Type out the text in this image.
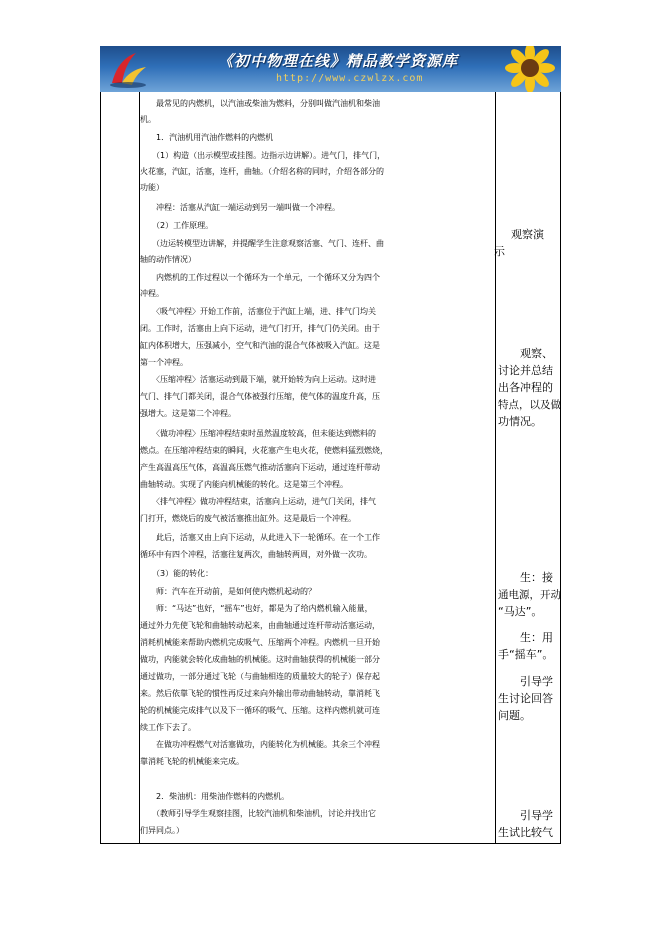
《初中物理在线》精品教学资源库
http://www.czwlzx.com
　　最常见的内燃机，以汽油或柴油为燃料，分别叫做汽油机和柴油
机。
　　1．汽油机用汽油作燃料的内燃机
　　（1）构造（出示模型或挂图。边指示边讲解）。进气门，排气门，
火花塞，汽缸，活塞，连杆，曲轴。（介绍名称的同时，介绍各部分的
功能）
　　冲程：活塞从汽缸一端运动到另一端叫做一个冲程。
　　（2）工作原理。
　　（边运转模型边讲解，并提醒学生注意观察活塞、气门、连杆、曲
轴的动作情况）
　　内燃机的工作过程以一个循环为一个单元，一个循环又分为四个
冲程。
　　〈吸气冲程〉开始工作前，活塞位于汽缸上端，进、排气门均关
闭。工作时，活塞由上向下运动，进气门打开，排气门仍关闭。由于
缸内体积增大，压强减小，空气和汽油的混合气体被吸入汽缸。这是
第一个冲程。
　　〈压缩冲程〉活塞运动到最下端，就开始转为向上运动。这时进
气门、排气门都关闭，混合气体被强行压缩，使气体的温度升高，压
强增大。这是第二个冲程。
　　〈做功冲程〉压缩冲程结束时虽然温度较高，但未能达到燃料的
燃点。在压缩冲程结束的瞬间，火花塞产生电火花，使燃料猛烈燃烧，
产生高温高压气体，高温高压燃气推动活塞向下运动，通过连杆带动
曲轴转动。实现了内能向机械能的转化。这是第三个冲程。
　　〈排气冲程〉做功冲程结束，活塞向上运动，进气门关闭，排气
门打开，燃烧后的废气被活塞推出缸外。这是最后一个冲程。
　　此后，活塞又由上向下运动，从此进入下一轮循环。在一个工作
循环中有四个冲程，活塞往复两次，曲轴转两周，对外做一次功。
　　（3）能的转化：
　　师：汽车在开动前，是如何使内燃机起动的？
　　师：“马达”也好，“摇车”也好，都是为了给内燃机输入能量，
通过外力先使飞轮和曲轴转动起来，由曲轴通过连杆带动活塞运动，
消耗机械能来帮助内燃机完成吸气、压缩两个冲程。内燃机一旦开始
做功，内能就会转化成曲轴的机械能。这时曲轴获得的机械能一部分
通过做功，一部分通过飞轮（与曲轴相连的质量较大的轮子）保存起
来。然后依靠飞轮的惯性再反过来向外输出带动曲轴转动，靠消耗飞
轮的机械能完成排气以及下一循环的吸气、压缩。这样内燃机就可连
续工作下去了。
　　在做功冲程燃气对活塞做功，内能转化为机械能。其余三个冲程
靠消耗飞轮的机械能来完成。
　　2．柴油机：用柴油作燃料的内燃机。
　　（教师引导学生观察挂图，比较汽油机和柴油机，讨论并找出它
们异同点。）
　观察演
示
　　观察、
讨论并总结
出各冲程的
特点，以及做
功情况。
　　生：接
通电源，开动
“马达”。
　　生：用
手“摇车”。
　　引导学
生讨论回答
问题。
　　引导学
生试比较气
